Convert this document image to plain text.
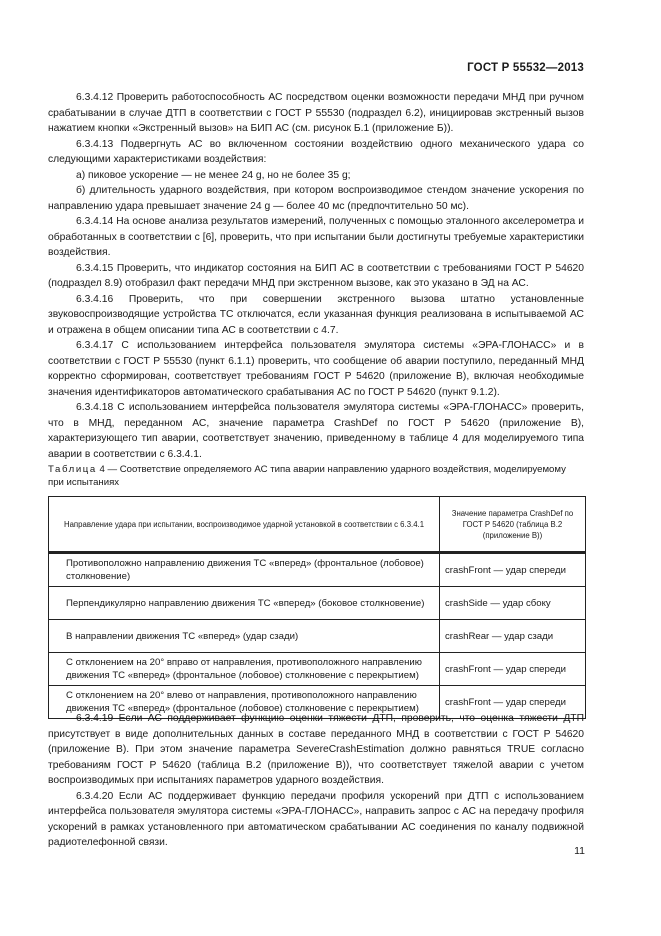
ГОСТ Р 55532—2013

6.3.4.12 Проверить работоспособность АС посредством оценки возможности передачи МНД при ручном срабатывании в случае ДТП в соответствии с ГОСТ Р 55530 (подраздел 6.2), инициировав экстренный вызов нажатием кнопки «Экстренный вызов» на БИП АС (см. рисунок Б.1 (приложение Б)).

6.3.4.13 Подвергнуть АС во включенном состоянии воздействию одного механического удара со следующими характеристиками воздействия:

а) пиковое ускорение — не менее 24 g, но не более 35 g;

б) длительность ударного воздействия, при котором воспроизводимое стендом значение ускорения по направлению удара превышает значение 24 g — более 40 мс (предпочтительно 50 мс).

6.3.4.14 На основе анализа результатов измерений, полученных с помощью эталонного акселерометра и обработанных в соответствии с [6], проверить, что при испытании были достигнуты требуемые характеристики воздействия.

6.3.4.15 Проверить, что индикатор состояния на БИП АС в соответствии с требованиями ГОСТ Р 54620 (подраздел 8.9) отобразил факт передачи МНД при экстренном вызове, как это указано в ЭД на АС.

6.3.4.16 Проверить, что при совершении экстренного вызова штатно установленные звуковоспроизводящие устройства ТС отключатся, если указанная функция реализована в испытываемой АС и отражена в общем описании типа АС в соответствии с 4.7.

6.3.4.17 С использованием интерфейса пользователя эмулятора системы «ЭРА-ГЛОНАСС» и в соответствии с ГОСТ Р 55530 (пункт 6.1.1) проверить, что сообщение об аварии поступило, переданный МНД корректно сформирован, соответствует требованиям ГОСТ Р 54620 (приложение В), включая необходимые значения идентификаторов автоматического срабатывания АС по ГОСТ Р 54620 (пункт 9.1.2).

6.3.4.18 С использованием интерфейса пользователя эмулятора системы «ЭРА-ГЛОНАСС» проверить, что в МНД, переданном АС, значение параметра CrashDef по ГОСТ Р 54620 (приложение В), характеризующего тип аварии, соответствует значению, приведенному в таблице 4 для моделируемого типа аварии в соответствии с 6.3.4.1.

Таблица 4 — Соответствие определяемого АС типа аварии направлению ударного воздействия, моделируемому при испытаниях

Направление удара при испытании, воспроизводимое ударной установкой в соответствии с 6.3.4.1	Значение параметра CrashDef по ГОСТ Р 54620 (таблица В.2 (приложение В))

Противоположно направлению движения ТС «вперед» (фронтальное (лобовое) столкновение)	crashFront — удар спереди

Перпендикулярно направлению движения ТС «вперед» (боковое столкновение)	crashSide — удар сбоку

В направлении движения ТС «вперед» (удар сзади)	crashRear — удар сзади

С отклонением на 20° вправо от направления, противоположного направлению движения ТС «вперед» (фронтальное (лобовое) столкновение с перекрытием)	crashFront — удар спереди

С отклонением на 20° влево от направления, противоположного направлению движения ТС «вперед» (фронтальное (лобовое) столкновение с перекрытием)	crashFront — удар спереди

6.3.4.19 Если АС поддерживает функцию оценки тяжести ДТП, проверить, что оценка тяжести ДТП присутствует в виде дополнительных данных в составе переданного МНД в соответствии с ГОСТ Р 54620 (приложение В). При этом значение параметра SevereCrashEstimation должно равняться TRUE согласно требованиям ГОСТ Р 54620 (таблица В.2 (приложение В)), что соответствует тяжелой аварии с учетом воспроизводимых при испытаниях параметров ударного воздействия.

6.3.4.20 Если АС поддерживает функцию передачи профиля ускорений при ДТП с использованием интерфейса пользователя эмулятора системы «ЭРА-ГЛОНАСС», направить запрос с АС на передачу профиля ускорений в рамках установленного при автоматическом срабатывании АС соединения по каналу подвижной радиотелефонной связи.

11
